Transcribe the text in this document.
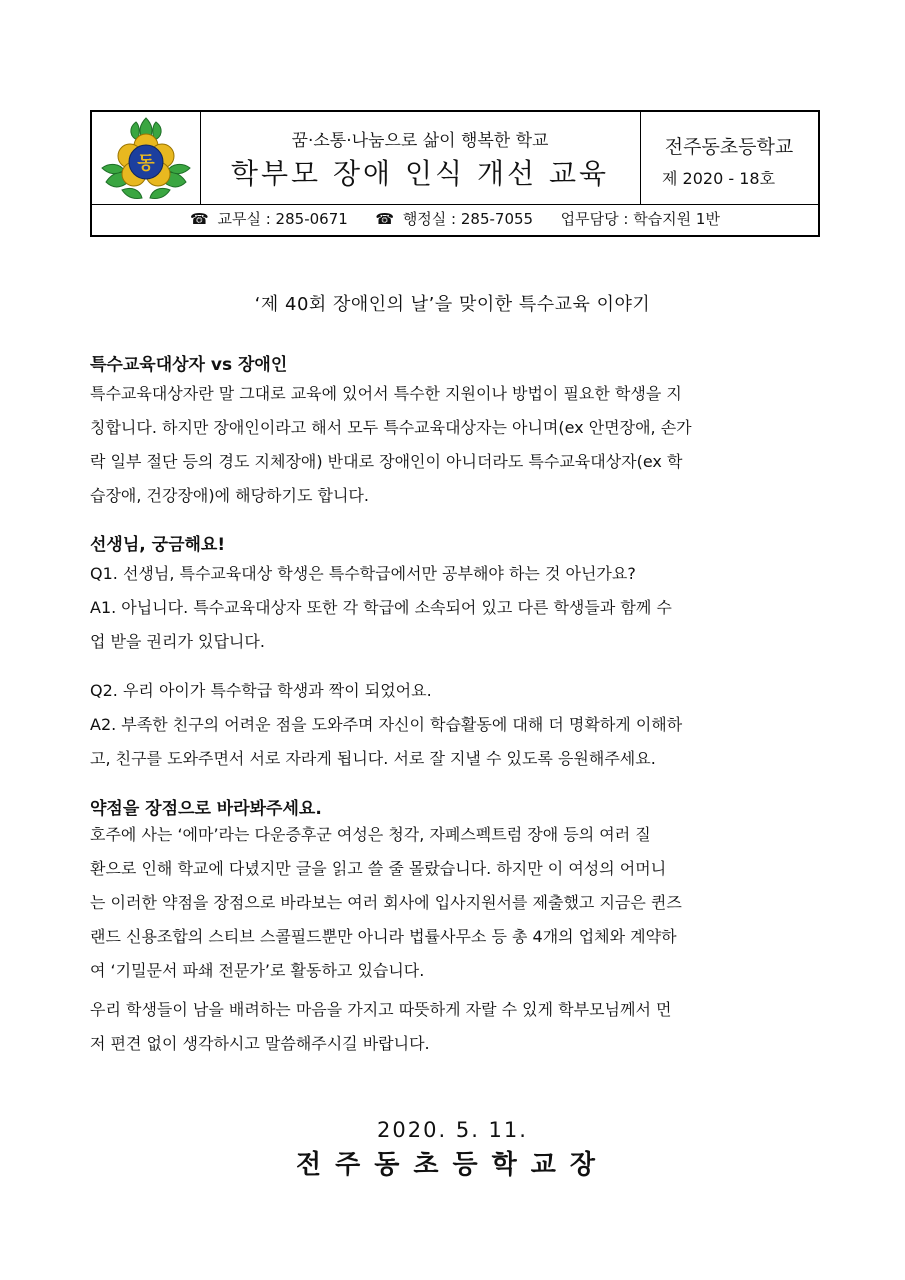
동
꿈·소통·나눔으로 삶이 행복한 학교
학부모 장애 인식 개선 교육
전주동초등학교
제 2020 - 18호
☎ 교무실 : 285-0671 ☎ 행정실 : 285-7055 업무담당 : 학습지원 1반
‘제 40회 장애인의 날’을 맞이한 특수교육 이야기
특수교육대상자 vs 장애인
특수교육대상자란 말 그대로 교육에 있어서 특수한 지원이나 방법이 필요한 학생을 지
칭합니다. 하지만 장애인이라고 해서 모두 특수교육대상자는 아니며(ex 안면장애, 손가
락 일부 절단 등의 경도 지체장애) 반대로 장애인이 아니더라도 특수교육대상자(ex 학
습장애, 건강장애)에 해당하기도 합니다.
선생님, 궁금해요!
Q1. 선생님, 특수교육대상 학생은 특수학급에서만 공부해야 하는 것 아닌가요?
A1. 아닙니다. 특수교육대상자 또한 각 학급에 소속되어 있고 다른 학생들과 함께 수
업 받을 권리가 있답니다.
Q2. 우리 아이가 특수학급 학생과 짝이 되었어요.
A2. 부족한 친구의 어려운 점을 도와주며 자신이 학습활동에 대해 더 명확하게 이해하
고, 친구를 도와주면서 서로 자라게 됩니다. 서로 잘 지낼 수 있도록 응원해주세요.
약점을 장점으로 바라봐주세요.
호주에 사는 ‘에마’라는 다운증후군 여성은 청각, 자폐스펙트럼 장애 등의 여러 질
환으로 인해 학교에 다녔지만 글을 읽고 쓸 줄 몰랐습니다. 하지만 이 여성의 어머니
는 이러한 약점을 장점으로 바라보는 여러 회사에 입사지원서를 제출했고 지금은 퀸즈
랜드 신용조합의 스티브 스콜필드뿐만 아니라 법률사무소 등 총 4개의 업체와 계약하
여 ‘기밀문서 파쇄 전문가’로 활동하고 있습니다.
우리 학생들이 남을 배려하는 마음을 가지고 따뜻하게 자랄 수 있게 학부모님께서 먼
저 편견 없이 생각하시고 말씀해주시길 바랍니다.
2020. 5. 11.
전주동초등학교장
